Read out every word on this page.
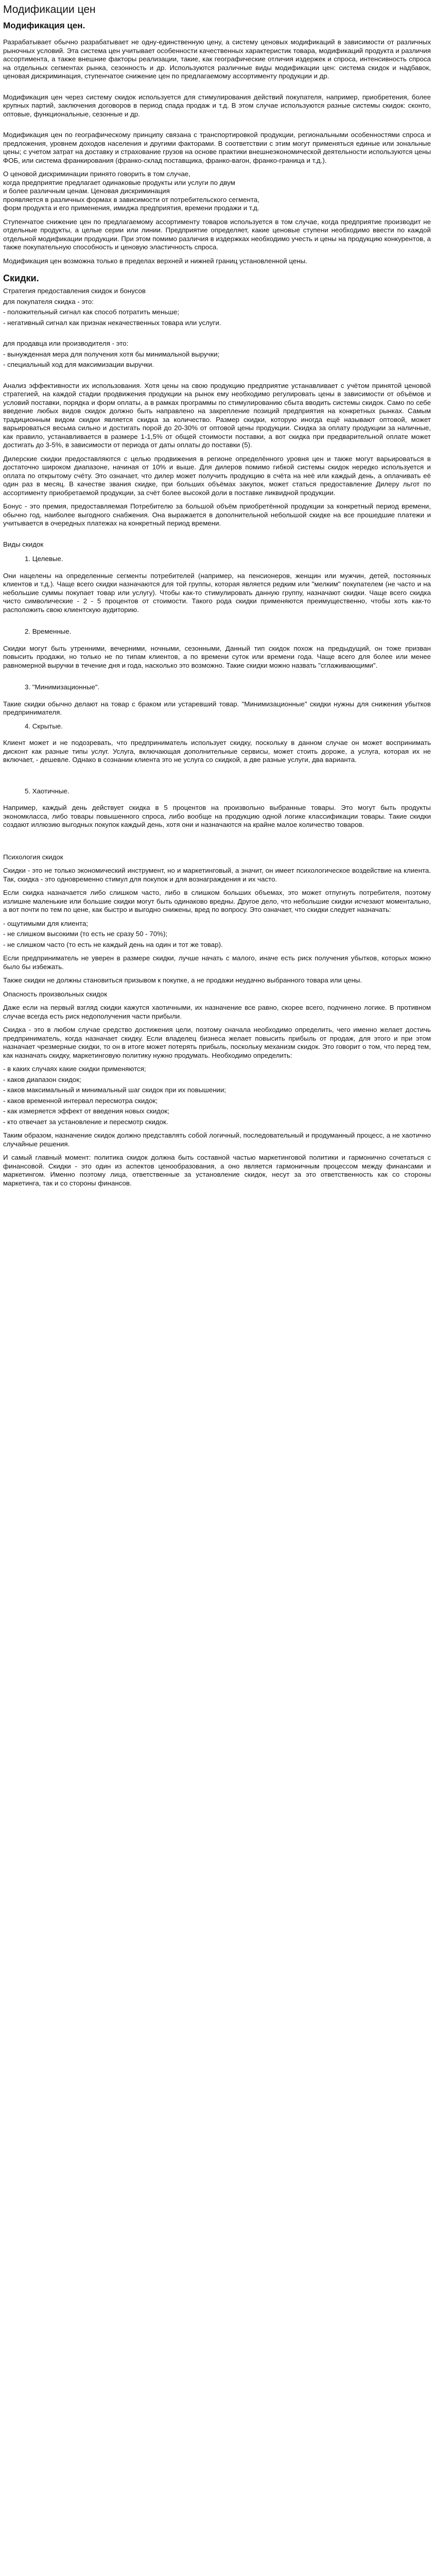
Модификации цен
Модификация цен.

Разрабатывает обычно разрабатывает не одну-единственную цену, а систему ценовых модификаций в зависимости от различных рыночных условий. Эта система цен учитывает особенности качественных характеристик товара, модификаций продукта и различия ассортимента, а также внешние факторы реализации, такие, как географические отличия издержек и спроса, интенсивность спроса на отдельных сегментах рынка, сезонность и др. Используются различные виды модификации цен: система скидок и надбавок, ценовая дискриминация, ступенчатое снижение цен по предлагаемому ассортименту продукции и др.

Модификация цен через систему скидок используется для стимулирования действий покупателя, например, приобретения, более крупных партий, заключения договоров в период спада продаж и т.д. В этом случае используются разные системы скидок: сконто, оптовые, функциональные, сезонные и др.

Модификация цен по географическому принципу связана с транспортировкой продукции, региональными особенностями спроса и предложения, уровнем доходов населения и другими факторами. В соответствии с этим могут применяться единые или зональные цены; с учетом затрат на доставку и страхование грузов на основе практики внешнеэкономической деятельности используются цены ФОБ, или система франкирования (франко-склад поставщика, франко-вагон, франко-граница и т.д.).

О ценовой дискриминации принято говорить в том случае,
когда предприятие предлагает одинаковые продукты или услуги по двум
и более различным ценам. Ценовая дискриминация
проявляется в различных формах в зависимости от потребительского сегмента,
форм продукта и его применения, имиджа предприятия, времени продажи и т.д.

Ступенчатое снижение цен по предлагаемому ассортименту товаров используется в том случае, когда предприятие производит не отдельные продукты, а целые серии или линии. Предприятие определяет, какие ценовые ступени необходимо ввести по каждой отдельной модификации продукции. При этом помимо различия в издержках необходимо учесть и цены на продукцию конкурентов, а также покупательную способность и ценовую эластичность спроса.

Модификация цен возможна только в пределах верхней и нижней границ установленной цены.

Скидки.

Стратегия предоставления скидок и бонусов

для покупателя скидка - это:

- положительный сигнал как способ потратить меньше;

- негативный сигнал как признак некачественных товара или услуги.

для продавца или производителя - это:

- вынужденная мера для получения хотя бы минимальной выручки;

- специальный ход для максимизации выручки.

Анализ эффективности их использования. Хотя цены на свою продукцию предприятие устанавливает с учётом принятой ценовой стратегией, на каждой стадии продвижения продукции на рынок ему необходимо регулировать цены в зависимости от объёмов и условий поставки, порядка и форм оплаты, а в рамках программы по стимулированию сбыта вводить системы скидок. Само по себе введение любых видов скидок должно быть направлено на закрепление позиций предприятия на конкретных рынках. Самым традиционным видом скидки является скидка за количество. Размер скидки, которую иногда ещё называют оптовой, может варьироваться весьма сильно и достигать порой до 20-30% от оптовой цены продукции. Скидка за оплату продукции за наличные, как правило, устанавливается в размере 1-1,5% от общей стоимости поставки, а вот скидка при предварительной оплате может достигать до 3-5%, в зависимости от периода от даты оплаты до поставки (5).

Дилерские скидки предоставляются с целью продвижения в регионе определённого уровня цен и также могут варьироваться в достаточно широком диапазоне, начиная от 10% и выше. Для дилеров помимо гибкой системы скидок нередко используется и оплата по открытому счёту. Это означает, что дилер может получить продукцию в счёта на неё или каждый день, а оплачивать её один раз в месяц. В качестве звания скидке, при больших объёмах закупок, может статься предоставление Дилеру льгот по ассортименту приобретаемой продукции, за счёт более высокой доли в поставке ликвидной продукции.

Бонус - это премия, предоставляемая Потребителю за большой объём приобретённой продукции за конкретный период времени, обычно год, наиболее выгодного снабжения. Она выражается в дополнительной небольшой скидке на все прошедшие платежи и учитывается в очередных платежах на конкретный период времени.

Виды скидок

1. Целевые.

Они нацелены на определенные сегменты потребителей (например, на пенсионеров, женщин или мужчин, детей, постоянных клиентов и т.д.). Чаще всего скидки назначаются для той группы, которая является редким или "мелким" покупателем (не часто и на небольшие суммы покупает товар или услугу). Чтобы как-то стимулировать данную группу, назначают скидки. Чаще всего скидка чисто символические - 2 - 5 процентов от стоимости. Такого рода скидки применяются преимущественно, чтобы хоть как-то расположить свою клиентскую аудиторию.

2. Временные.

Скидки могут быть утренними, вечерними, ночными, сезонными, Данный тип скидок похож на предыдущий, он тоже призван повысить продажи, но только не по типам клиентов, а по времени суток или времени года. Чаще всего для более или менее равномерной выручки в течение дня и года, насколько это возможно. Такие скидки можно назвать "сглаживающими".

3. "Минимизационные".

Такие скидки обычно делают на товар с браком или устаревший товар. "Минимизационные" скидки нужны для снижения убытков предпринимателя.

4. Скрытые.

Клиент может и не подозревать, что предприниматель использует скидку, поскольку в данном случае он может воспринимать дисконт как разные типы услуг. Услуга, включающая дополнительные сервисы, может стоить дороже, а услуга, которая их не включает, - дешевле. Однако в сознании клиента это не услуга со скидкой, а две разные услуги, два варианта.

5. Хаотичные.

Например, каждый день действует скидка в 5 процентов на произвольно выбранные товары. Это могут быть продукты экономкласса, либо товары повышенного спроса, либо вообще на продукцию одной логике классификации товары. Такие скидки создают иллюзию выгодных покупок каждый день, хотя они и назначаются на крайне малое количество товаров.

Психология скидок

Скидки - это не только экономический инструмент, но и маркетинговый, а значит, он имеет психологическое воздействие на клиента. Так, скидка - это одновременно стимул для покупок и для вознаграждения и их часто.

Если скидка назначается либо слишком часто, либо в слишком больших объемах, это может отпугнуть потребителя, поэтому излишне маленькие или большие скидки могут быть одинаково вредны. Другое дело, что небольшие скидки исчезают моментально, а вот почти по тем по цене, как быстро и выгодно снижены, вред по вопросу. Это означает, что скидки следует назначать:

- ощутимыми для клиента;

- не слишком высокими (то есть не сразу 50 - 70%);

- не слишком часто (то есть не каждый день на один и тот же товар).

Если предприниматель не уверен в размере скидки, лучше начать с малого, иначе есть риск получения убытков, которых можно было бы избежать.

Также скидки не должны становиться призывом к покупке, а не продажи неудачно выбранного товара или цены.

Опасность произвольных скидок

Даже если на первый взгляд скидки кажутся хаотичными, их назначение все равно, скорее всего, подчинено логике. В противном случае всегда есть риск недополучения части прибыли.

Скидка - это в любом случае средство достижения цели, поэтому сначала необходимо определить, чего именно желает достичь предприниматель, когда назначает скидку. Если владелец бизнеса желает повысить прибыль от продаж, для этого и при этом назначает чрезмерные скидки, то он в итоге может потерять прибыль, поскольку механизм скидок. Это говорит о том, что перед тем, как назначать скидку, маркетинговую политику нужно продумать. Необходимо определить:

- в каких случаях какие скидки применяются;

- каков диапазон скидок;

- каков максимальный и минимальный шаг скидок при их повышении;

- каков временной интервал пересмотра скидок;

- как измеряется эффект от введения новых скидок;

- кто отвечает за установление и пересмотр скидок.

Таким образом, назначение скидок должно представлять собой логичный, последовательный и продуманный процесс, а не хаотично случайные решения.

И самый главный момент: политика скидок должна быть составной частью маркетинговой политики и гармонично сочетаться с финансовой. Скидки - это один из аспектов ценообразования, а оно является гармоничным процессом между финансами и маркетингом. Именно поэтому лица, ответственные за установление скидок, несут за это ответственность как со стороны маркетинга, так и со стороны финансов.
